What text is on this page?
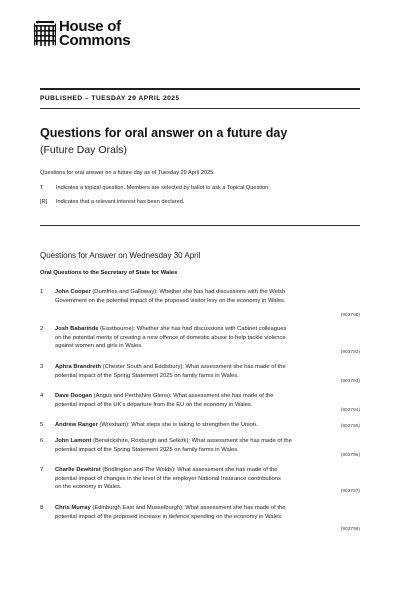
House of
Commons
PUBLISHED – TUESDAY 29 APRIL 2025
Questions for oral answer on a future day
(Future Day Orals)
Questions for oral answer on a future day as of Tuesday 29 April 2025.
T	Indicates a topical question. Members are selected by ballot to ask a Topical Question.
[R]	Indicates that a relevant interest has been declared.
Questions for Answer on Wednesday 30 April
Oral Questions to the Secretary of State for Wales
1 John Cooper (Dumfries and Galloway): Whether she has had discussions with the Welsh
Government on the potential impact of the proposed visitor levy on the economy in Wales.
(903790)
2 Josh Babarinde (Eastbourne): Whether she has had discussions with Cabinet colleagues
on the potential merits of creating a new offence of domestic abuse to help tackle violence
against women and girls in Wales.
(903792)
3 Aphra Brandreth (Chester South and Eddisbury): What assessment she has made of the
potential impact of the Spring Statement 2025 on family farms in Wales.
(903793)
4 Dave Doogan (Angus and Perthshire Glens): What assessment she has made of the
potential impact of the UK's departure from the EU on the economy in Wales.
(903794)
5 Andrew Ranger (Wrexham): What steps she is taking to strengthen the Union.	(903795)
6 John Lamont (Berwickshire, Roxburgh and Selkirk): What assessment she has made of the
potential impact of the Spring Statement 2025 on family farms in Wales.
(903796)
7 Charlie Dewhirst (Bridlington and The Wolds): What assessment she has made of the
potential impact of changes in the level of the employer National Insurance contributions
on the economy in Wales.
(903797)
8 Chris Murray (Edinburgh East and Musselburgh): What assessment she has made of the
potential impact of the proposed increase in defence spending on the economy in Wales.
(903798)
